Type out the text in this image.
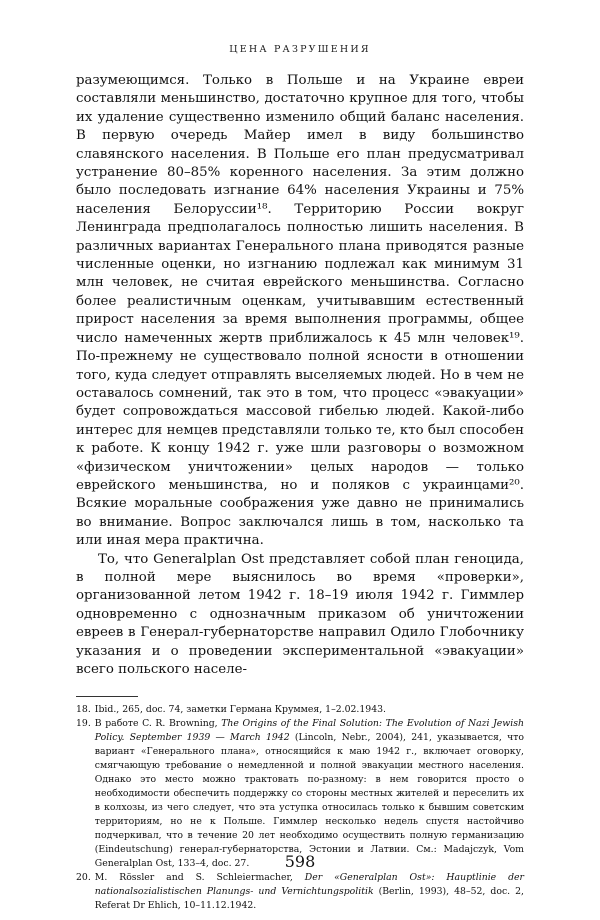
ЦЕНА РАЗРУШЕНИЯ

разумеющимся. Только в Польше и на Украине евреи составляли меньшинство, достаточно крупное для того, чтобы их удаление существенно изменило общий баланс населения. В первую очередь Майер имел в виду большинство славянского населения. В Польше его план предусматривал устранение 80–85% коренного населения. За этим должно было последовать изгнание 64% населения Украины и 75% населения Белоруссии¹⁸. Территорию России вокруг Ленинграда предполагалось полностью лишить населения. В различных вариантах Генерального плана приводятся разные численные оценки, но изгнанию подлежал как минимум 31 млн человек, не считая еврейского меньшинства. Согласно более реалистичным оценкам, учитывавшим естественный прирост населения за время выполнения программы, общее число намеченных жертв приближалось к 45 млн человек¹⁹. По-прежнему не существовало полной ясности в отношении того, куда следует отправлять выселяемых людей. Но в чем не оставалось сомнений, так это в том, что процесс «эвакуации» будет сопровождаться массовой гибелью людей. Какой-либо интерес для немцев представляли только те, кто был способен к работе. К концу 1942 г. уже шли разговоры о возможном «физическом уничтожении» целых народов — только еврейского меньшинства, но и поляков с украинцами²⁰. Всякие моральные соображения уже давно не принимались во внимание. Вопрос заключался лишь в том, насколько та или иная мера практична.

То, что Generalplan Ost представляет собой план геноцида, в полной мере выяснилось во время «проверки», организованной летом 1942 г. 18–19 июля 1942 г. Гиммлер одновременно с однозначным приказом об уничтожении евреев в Генерал-губернаторстве направил Одило Глобочнику указания и о проведении экспериментальной «эвакуации» всего польского населе-

18. Ibid., 265, doc. 74, заметки Германа Круммея, 1–2.02.1943.
19. В работе C. R. Browning, The Origins of the Final Solution: The Evolution of Nazi Jewish Policy. September 1939 — March 1942 (Lincoln, Nebr., 2004), 241, указывается, что вариант «Генерального плана», относящийся к маю 1942 г., включает оговорку, смягчающую требование о немедленной и полной эвакуации местного населения. Однако это место можно трактовать по-разному: в нем говорится просто о необходимости обеспечить поддержку со стороны местных жителей и переселить их в колхозы, из чего следует, что эта уступка относилась только к бывшим советским территориям, но не к Польше. Гиммлер несколько недель спустя настойчиво подчеркивал, что в течение 20 лет необходимо осуществить полную германизацию (Eindeutschung) генерал-губернаторства, Эстонии и Латвии. См.: Madajczyk, Vom Generalplan Ost, 133–4, doc. 27.
20. M. Rössler and S. Schleiermacher, Der «Generalplan Ost»: Hauptlinie der nationalsozialistischen Planungs- und Vernichtungspolitik (Berlin, 1993), 48–52, doc. 2, Referat Dr Ehlich, 10–11.12.1942.
598
